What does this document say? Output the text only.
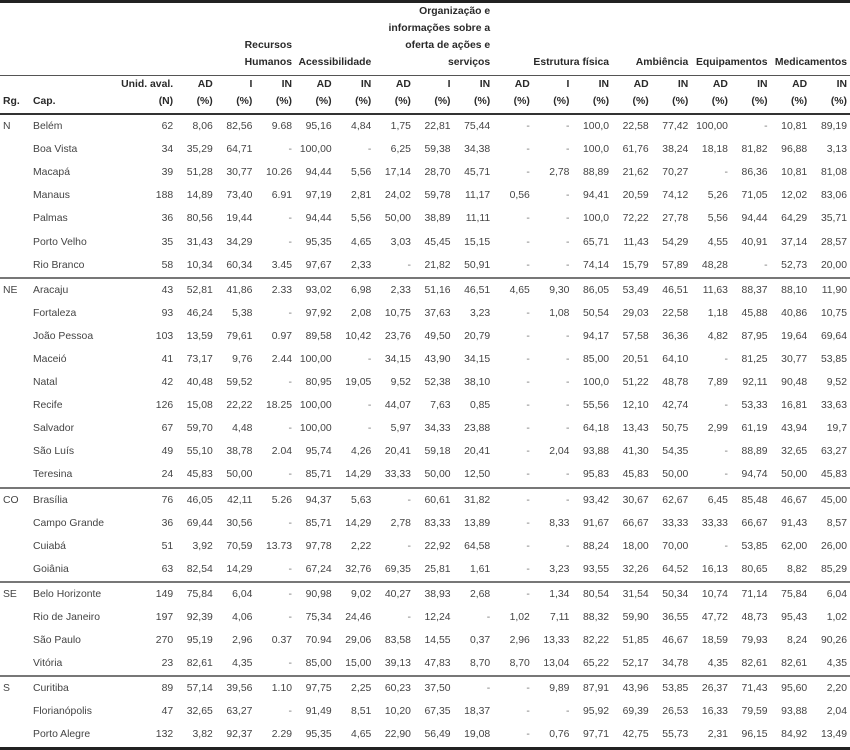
				Recursos Humanos		Acessibilidade		Organização e informações sobre a oferta de ações e serviços			Estrutura física			Ambiência		Equipamentos		Medicamentos	
		Unid. aval.	AD	I	IN	AD	IN	AD	I	IN	AD	I	IN	AD	IN	AD	IN	AD	IN
Rg.	Cap.	(N)	(%)	(%)	(%)	(%)	(%)	(%)	(%)	(%)	(%)	(%)	(%)	(%)	(%)	(%)	(%)	(%)	(%)
N	Belém	62	8,06	82,56	9.68	95,16	4,84	1,75	22,81	75,44	-	-	100,0	22,58	77,42	100,00	-	10,81	89,19
	Boa Vista	34	35,29	64,71	-	100,00	-	6,25	59,38	34,38	-	-	100,0	61,76	38,24	18,18	81,82	96,88	3,13
	Macapá	39	51,28	30,77	10.26	94,44	5,56	17,14	28,70	45,71	-	2,78	88,89	21,62	70,27	-	86,36	10,81	81,08
	Manaus	188	14,89	73,40	6.91	97,19	2,81	24,02	59,78	11,17	0,56	-	94,41	20,59	74,12	5,26	71,05	12,02	83,06
	Palmas	36	80,56	19,44	-	94,44	5,56	50,00	38,89	11,11	-	-	100,0	72,22	27,78	5,56	94,44	64,29	35,71
	Porto Velho	35	31,43	34,29	-	95,35	4,65	3,03	45,45	15,15	-	-	65,71	11,43	54,29	4,55	40,91	37,14	28,57
	Rio Branco	58	10,34	60,34	3.45	97,67	2,33	-	21,82	50,91	-	-	74,14	15,79	57,89	48,28	-	52,73	20,00
NE	Aracaju	43	52,81	41,86	2.33	93,02	6,98	2,33	51,16	46,51	4,65	9,30	86,05	53,49	46,51	11,63	88,37	88,10	11,90
	Fortaleza	93	46,24	5,38	-	97,92	2,08	10,75	37,63	3,23	-	1,08	50,54	29,03	22,58	1,18	45,88	40,86	10,75
	João Pessoa	103	13,59	79,61	0.97	89,58	10,42	23,76	49,50	20,79	-	-	94,17	57,58	36,36	4,82	87,95	19,64	69,64
	Maceió	41	73,17	9,76	2.44	100,00	-	34,15	43,90	34,15	-	-	85,00	20,51	64,10	-	81,25	30,77	53,85
	Natal	42	40,48	59,52	-	80,95	19,05	9,52	52,38	38,10	-	-	100,0	51,22	48,78	7,89	92,11	90,48	9,52
	Recife	126	15,08	22,22	18.25	100,00	-	44,07	7,63	0,85	-	-	55,56	12,10	42,74	-	53,33	16,81	33,63
	Salvador	67	59,70	4,48	-	100,00	-	5,97	34,33	23,88	-	-	64,18	13,43	50,75	2,99	61,19	43,94	19,7
	São Luís	49	55,10	38,78	2.04	95,74	4,26	20,41	59,18	20,41	-	2,04	93,88	41,30	54,35	-	88,89	32,65	63,27
	Teresina	24	45,83	50,00	-	85,71	14,29	33,33	50,00	12,50	-	-	95,83	45,83	50,00	-	94,74	50,00	45,83
CO	Brasília	76	46,05	42,11	5.26	94,37	5,63	-	60,61	31,82	-	-	93,42	30,67	62,67	6,45	85,48	46,67	45,00
	Campo Grande	36	69,44	30,56	-	85,71	14,29	2,78	83,33	13,89	-	8,33	91,67	66,67	33,33	33,33	66,67	91,43	8,57
	Cuiabá	51	3,92	70,59	13.73	97,78	2,22	-	22,92	64,58	-	-	88,24	18,00	70,00	-	53,85	62,00	26,00
	Goiânia	63	82,54	14,29	-	67,24	32,76	69,35	25,81	1,61	-	3,23	93,55	32,26	64,52	16,13	80,65	8,82	85,29
SE	Belo Horizonte	149	75,84	6,04	-	90,98	9,02	40,27	38,93	2,68	-	1,34	80,54	31,54	50,34	10,74	71,14	75,84	6,04
	Rio de Janeiro	197	92,39	4,06	-	75,34	24,46	-	12,24	-	1,02	7,11	88,32	59,90	36,55	47,72	48,73	95,43	1,02
	São Paulo	270	95,19	2,96	0.37	70.94	29,06	83,58	14,55	0,37	2,96	13,33	82,22	51,85	46,67	18,59	79,93	8,24	90,26
	Vitória	23	82,61	4,35	-	85,00	15,00	39,13	47,83	8,70	8,70	13,04	65,22	52,17	34,78	4,35	82,61	82,61	4,35
S	Curitiba	89	57,14	39,56	1.10	97,75	2,25	60,23	37,50	-	-	9,89	87,91	43,96	53,85	26,37	71,43	95,60	2,20
	Florianópolis	47	32,65	63,27	-	91,49	8,51	10,20	67,35	18,37	-	-	95,92	69,39	26,53	16,33	79,59	93,88	2,04
	Porto Alegre	132	3,82	92,37	2.29	95,35	4,65	22,90	56,49	19,08	-	0,76	97,71	42,75	55,73	2,31	96,15	84,92	13,49
